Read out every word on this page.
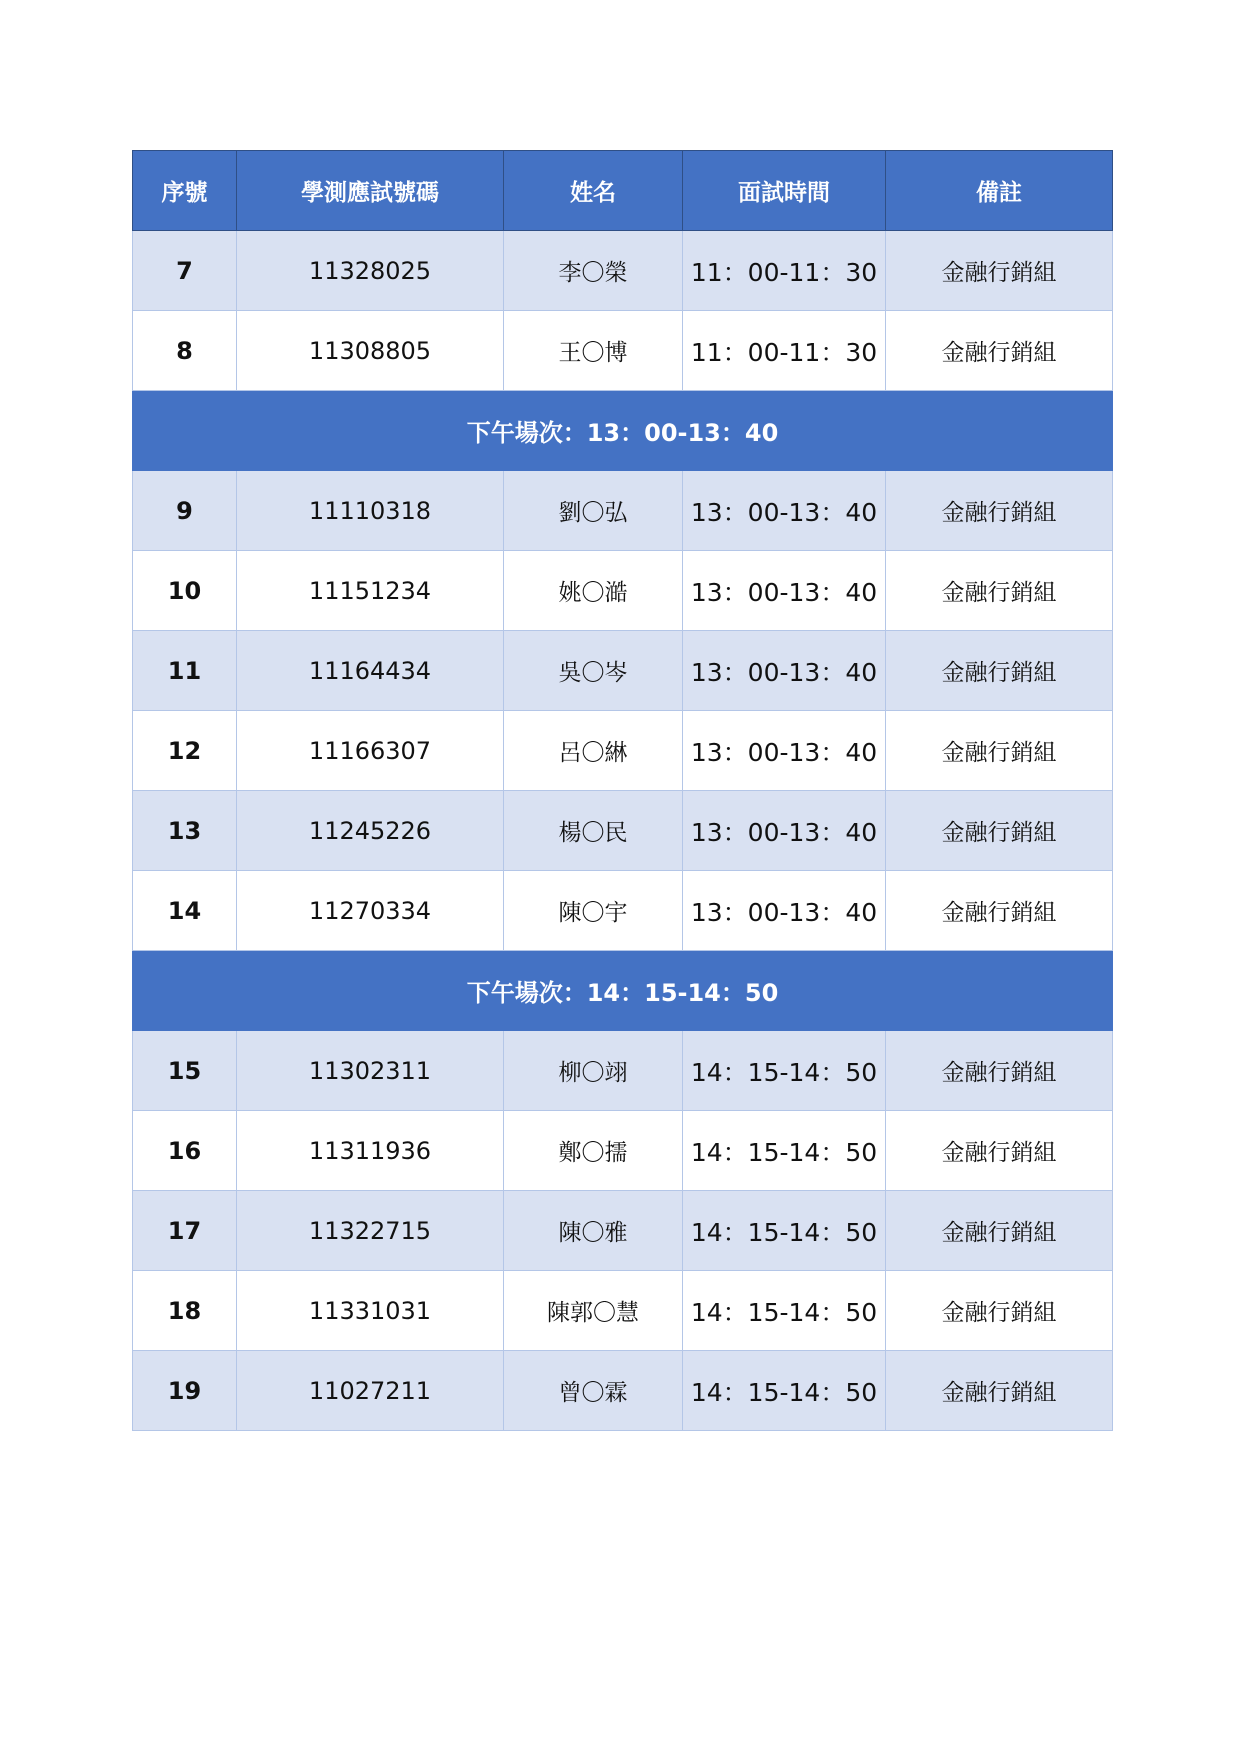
序號	學測應試號碼	姓名	面試時間	備註
7	11328025	李〇榮	11：00-11：30	金融行銷組
8	11308805	王〇博	11：00-11：30	金融行銷組
下午場次：13：00-13：40				
9	11110318	劉〇弘	13：00-13：40	金融行銷組
10	11151234	姚〇澔	13：00-13：40	金融行銷組
11	11164434	吳〇岑	13：00-13：40	金融行銷組
12	11166307	呂〇綝	13：00-13：40	金融行銷組
13	11245226	楊〇民	13：00-13：40	金融行銷組
14	11270334	陳〇宇	13：00-13：40	金融行銷組
下午場次：14：15-14：50				
15	11302311	柳〇翊	14：15-14：50	金融行銷組
16	11311936	鄭〇擩	14：15-14：50	金融行銷組
17	11322715	陳〇雅	14：15-14：50	金融行銷組
18	11331031	陳郭〇慧	14：15-14：50	金融行銷組
19	11027211	曾〇霖	14：15-14：50	金融行銷組
